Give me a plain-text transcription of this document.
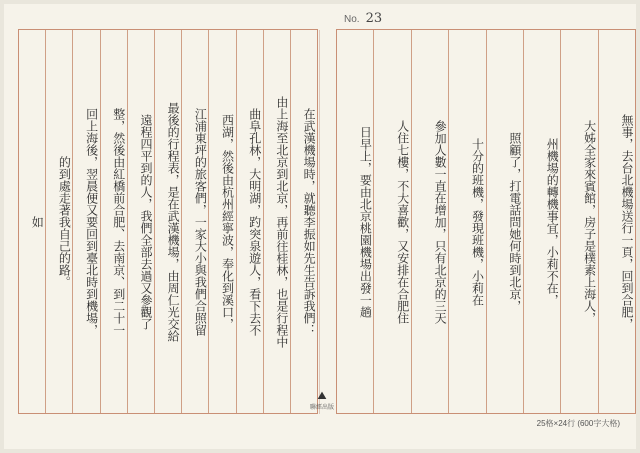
No. 23
如	的到處走著我自己的路。	回上海後，翌晨便又要回到臺北時到機場，	整，然後由紅橋前合肥、去南京、到二十一	遠程四平到的人，我們全部去過又參觀了	最後的行程表，是在武漢機場，由周仁光交給	江浦東坪的旅客們，一家大小與我們合照留	西湖，然後由杭州經寧波，奉化到溪口，	曲阜孔林，大明湖，趵突泉遊人，看下去不	由上海至北京到北京，再前往桂林，也是行程中	在武漢機場時，就聽李振如先生告訴我們：	日早上，要由北京桃園機場出發一趟	人住七樓，不大喜歡，又安排在合肥住	參加人數一直在增加，只有北京的三天	十分的班機，發現班機，小莉在	照顧了，打電話問她何時到北京，	州機場的轉機事宜，小莉不在，	大姊全家來賓館，房子是樸素上海人，	無事，去台北機場送行一頁，回到合肥，
⛰
聯經出版
25格×24行 (600字大格)
